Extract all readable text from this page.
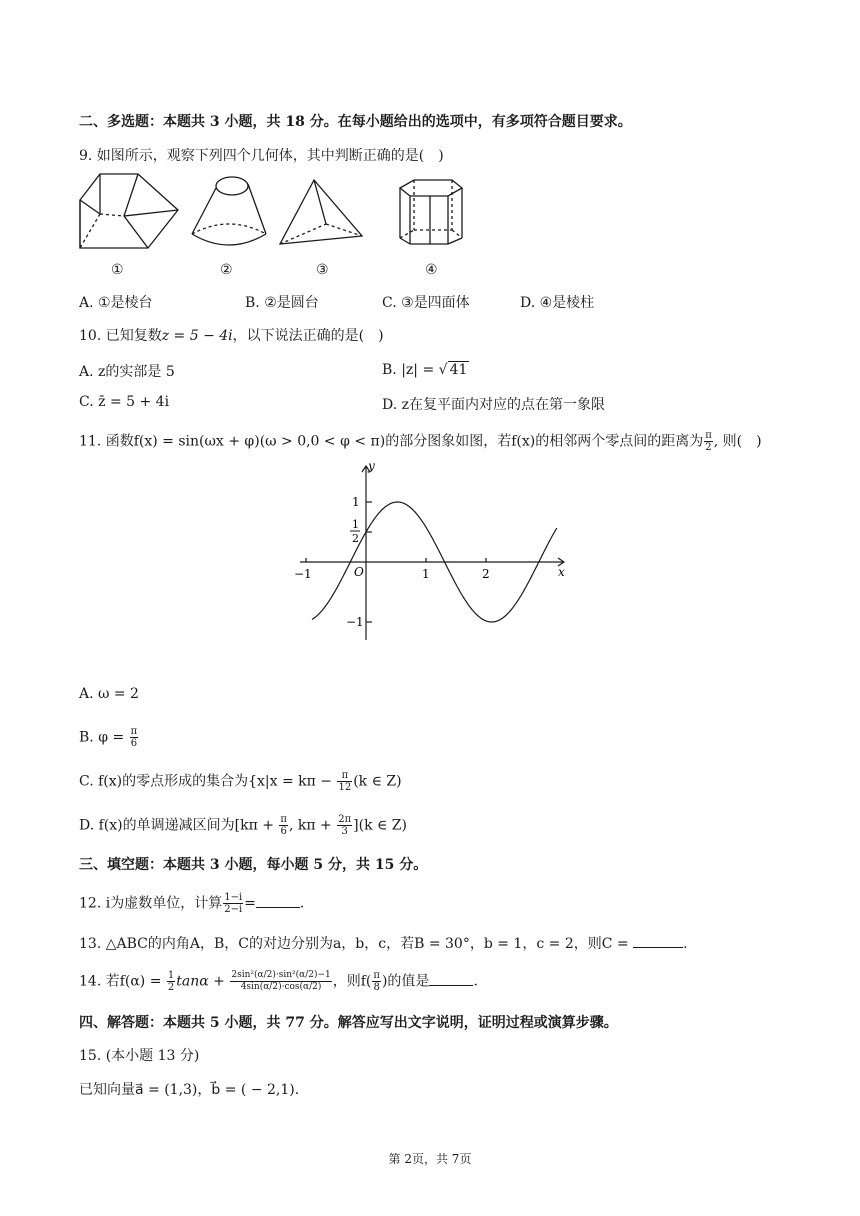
二、多选题：本题共 3 小题，共 18 分。在每小题给出的选项中，有多项符合题目要求。
9. 如图所示，观察下列四个几何体，其中判断正确的是(　)
①	②	③	④
A. ①是棱台	B. ②是圆台	C. ③是四面体	D. ④是棱柱
10. 已知复数z = 5 − 4i，以下说法正确的是(　)
A. z的实部是 5	B. |z| = √ 41
C. z̄ = 5 + 4i	D. z在复平面内对应的点在第一象限
11. 函数f(x) = sin(ωx + φ)(ω > 0,0 < φ < π)的部分图象如图，若f(x)的相邻两个零点间的距离为 $\frac{\pi}{2}$ , 则(　)
y
x
O
1
−1
1
2
−1	1	2
A. ω = 2
B. $\varphi = \frac{\pi}{6}$
C. f(x)的零点形成的集合为{$x|x = k\pi - \frac{\pi}{12} (k$ ∈ Z)
D. f(x)的单调递减区间为[$k\pi + \frac{\pi}{6}$ , $k\pi + \frac{2\pi}{3} ](k$ ∈ Z)
三、填空题：本题共 3 小题，每小题 5 分，共 15 分。
12. i为虚数单位，计算 $\frac{1-i}{2-i}$ =	.
13. △ABC的内角A，B，C的对边分别为a，b，c，若B = 30°，b = 1，c = 2，则C =	.
14. 若$f(\alpha) = \frac{1}{2}$ $\tan\alpha + \frac{\text{2sin²(α/2)·sin²(α/2)−1}}{4\sin(\alpha/2)\cdot\cos(\alpha/2)}$ ，则$f( \frac{\pi}{8}$ )的值是	.
四、解答题：本题共 5 小题，共 77 分。解答应写出文字说明，证明过程或演算步骤。
15. (本小题 13 分)
已知向量a⃗ = (1,3)，b⃗ = ( − 2,1).
第 2页，共 7页
